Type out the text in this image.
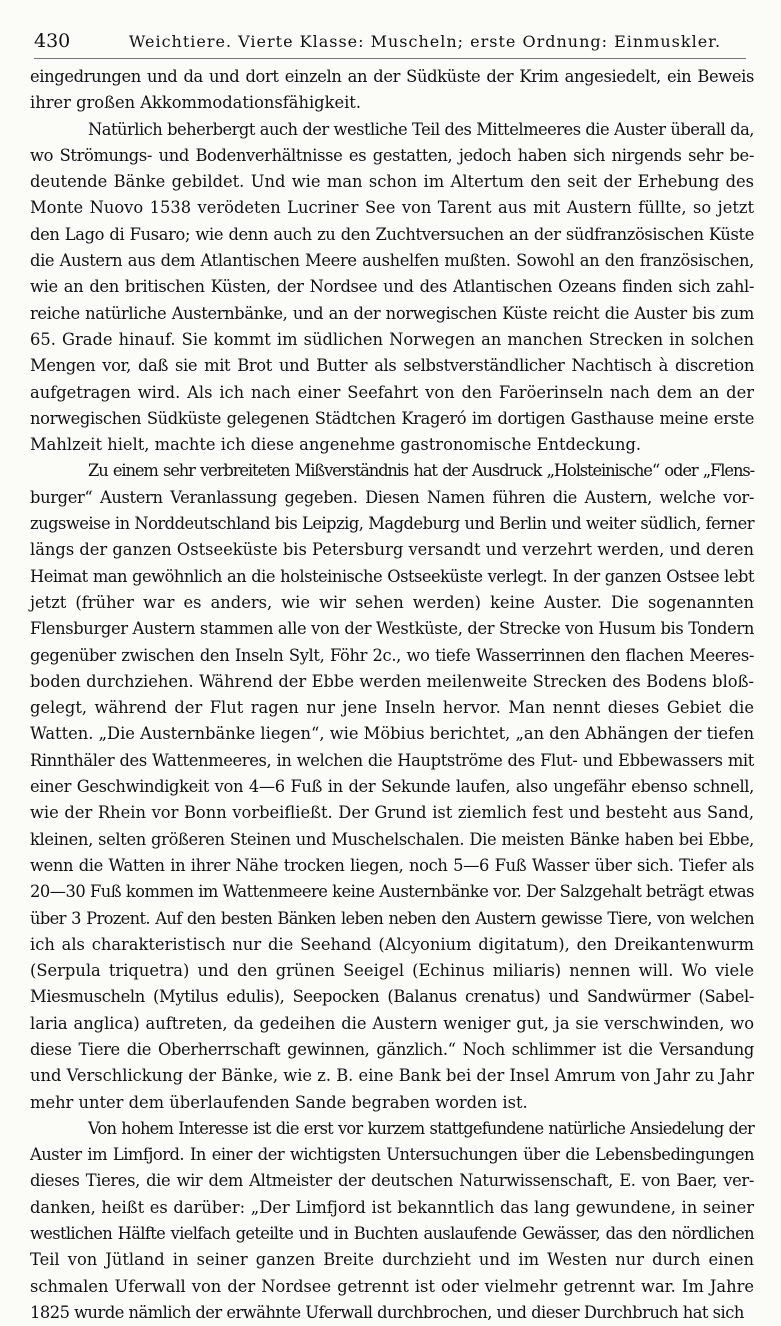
430	Weichtiere. Vierte Klasse: Muscheln; erste Ordnung: Einmuskler.
eingedrungen und da und dort einzeln an der Südküste der Krim angesiedelt, ein Beweis
ihrer großen Akkommodationsfähigkeit.
Natürlich beherbergt auch der westliche Teil des Mittelmeeres die Auster überall da,
wo Strömungs- und Bodenverhältnisse es gestatten, jedoch haben sich nirgends sehr be-
deutende Bänke gebildet. Und wie man schon im Altertum den seit der Erhebung des
Monte Nuovo 1538 verödeten Lucriner See von Tarent aus mit Austern füllte, so jetzt
den Lago di Fusaro; wie denn auch zu den Zuchtversuchen an der südfranzösischen Küste
die Austern aus dem Atlantischen Meere aushelfen mußten. Sowohl an den französischen,
wie an den britischen Küsten, der Nordsee und des Atlantischen Ozeans finden sich zahl-
reiche natürliche Austernbänke, und an der norwegischen Küste reicht die Auster bis zum
65. Grade hinauf. Sie kommt im südlichen Norwegen an manchen Strecken in solchen
Mengen vor, daß sie mit Brot und Butter als selbstverständlicher Nachtisch à discretion
aufgetragen wird. Als ich nach einer Seefahrt von den Faröerinseln nach dem an der
norwegischen Südküste gelegenen Städtchen Krageró im dortigen Gasthause meine erste
Mahlzeit hielt, machte ich diese angenehme gastronomische Entdeckung.
Zu einem sehr verbreiteten Mißverständnis hat der Ausdruck „Holsteinische“ oder „Flens-
burger“ Austern Veranlassung gegeben. Diesen Namen führen die Austern, welche vor-
zugsweise in Norddeutschland bis Leipzig, Magdeburg und Berlin und weiter südlich, ferner
längs der ganzen Ostseeküste bis Petersburg versandt und verzehrt werden, und deren
Heimat man gewöhnlich an die holsteinische Ostseeküste verlegt. In der ganzen Ostsee lebt
jetzt (früher war es anders, wie wir sehen werden) keine Auster. Die sogenannten
Flensburger Austern stammen alle von der Westküste, der Strecke von Husum bis Tondern
gegenüber zwischen den Inseln Sylt, Föhr 2c., wo tiefe Wasserrinnen den flachen Meeres-
boden durchziehen. Während der Ebbe werden meilenweite Strecken des Bodens bloß-
gelegt, während der Flut ragen nur jene Inseln hervor. Man nennt dieses Gebiet die
Watten. „Die Austernbänke liegen“, wie Möbius berichtet, „an den Abhängen der tiefen
Rinnthäler des Wattenmeeres, in welchen die Hauptströme des Flut- und Ebbewassers mit
einer Geschwindigkeit von 4—6 Fuß in der Sekunde laufen, also ungefähr ebenso schnell,
wie der Rhein vor Bonn vorbeifließt. Der Grund ist ziemlich fest und besteht aus Sand,
kleinen, selten größeren Steinen und Muschelschalen. Die meisten Bänke haben bei Ebbe,
wenn die Watten in ihrer Nähe trocken liegen, noch 5—6 Fuß Wasser über sich. Tiefer als
20—30 Fuß kommen im Wattenmeere keine Austernbänke vor. Der Salzgehalt beträgt etwas
über 3 Prozent. Auf den besten Bänken leben neben den Austern gewisse Tiere, von welchen
ich als charakteristisch nur die Seehand (Alcyonium digitatum), den Dreikantenwurm
(Serpula triquetra) und den grünen Seeigel (Echinus miliaris) nennen will. Wo viele
Miesmuscheln (Mytilus edulis), Seepocken (Balanus crenatus) und Sandwürmer (Sabel-
laria anglica) auftreten, da gedeihen die Austern weniger gut, ja sie verschwinden, wo
diese Tiere die Oberherrschaft gewinnen, gänzlich.“ Noch schlimmer ist die Versandung
und Verschlickung der Bänke, wie z. B. eine Bank bei der Insel Amrum von Jahr zu Jahr
mehr unter dem überlaufenden Sande begraben worden ist.
Von hohem Interesse ist die erst vor kurzem stattgefundene natürliche Ansiedelung der
Auster im Limfjord. In einer der wichtigsten Untersuchungen über die Lebensbedingungen
dieses Tieres, die wir dem Altmeister der deutschen Naturwissenschaft, E. von Baer, ver-
danken, heißt es darüber: „Der Limfjord ist bekanntlich das lang gewundene, in seiner
westlichen Hälfte vielfach geteilte und in Buchten auslaufende Gewässer, das den nördlichen
Teil von Jütland in seiner ganzen Breite durchzieht und im Westen nur durch einen
schmalen Uferwall von der Nordsee getrennt ist oder vielmehr getrennt war. Im Jahre
1825 wurde nämlich der erwähnte Uferwall durchbrochen, und dieser Durchbruch hat sich
